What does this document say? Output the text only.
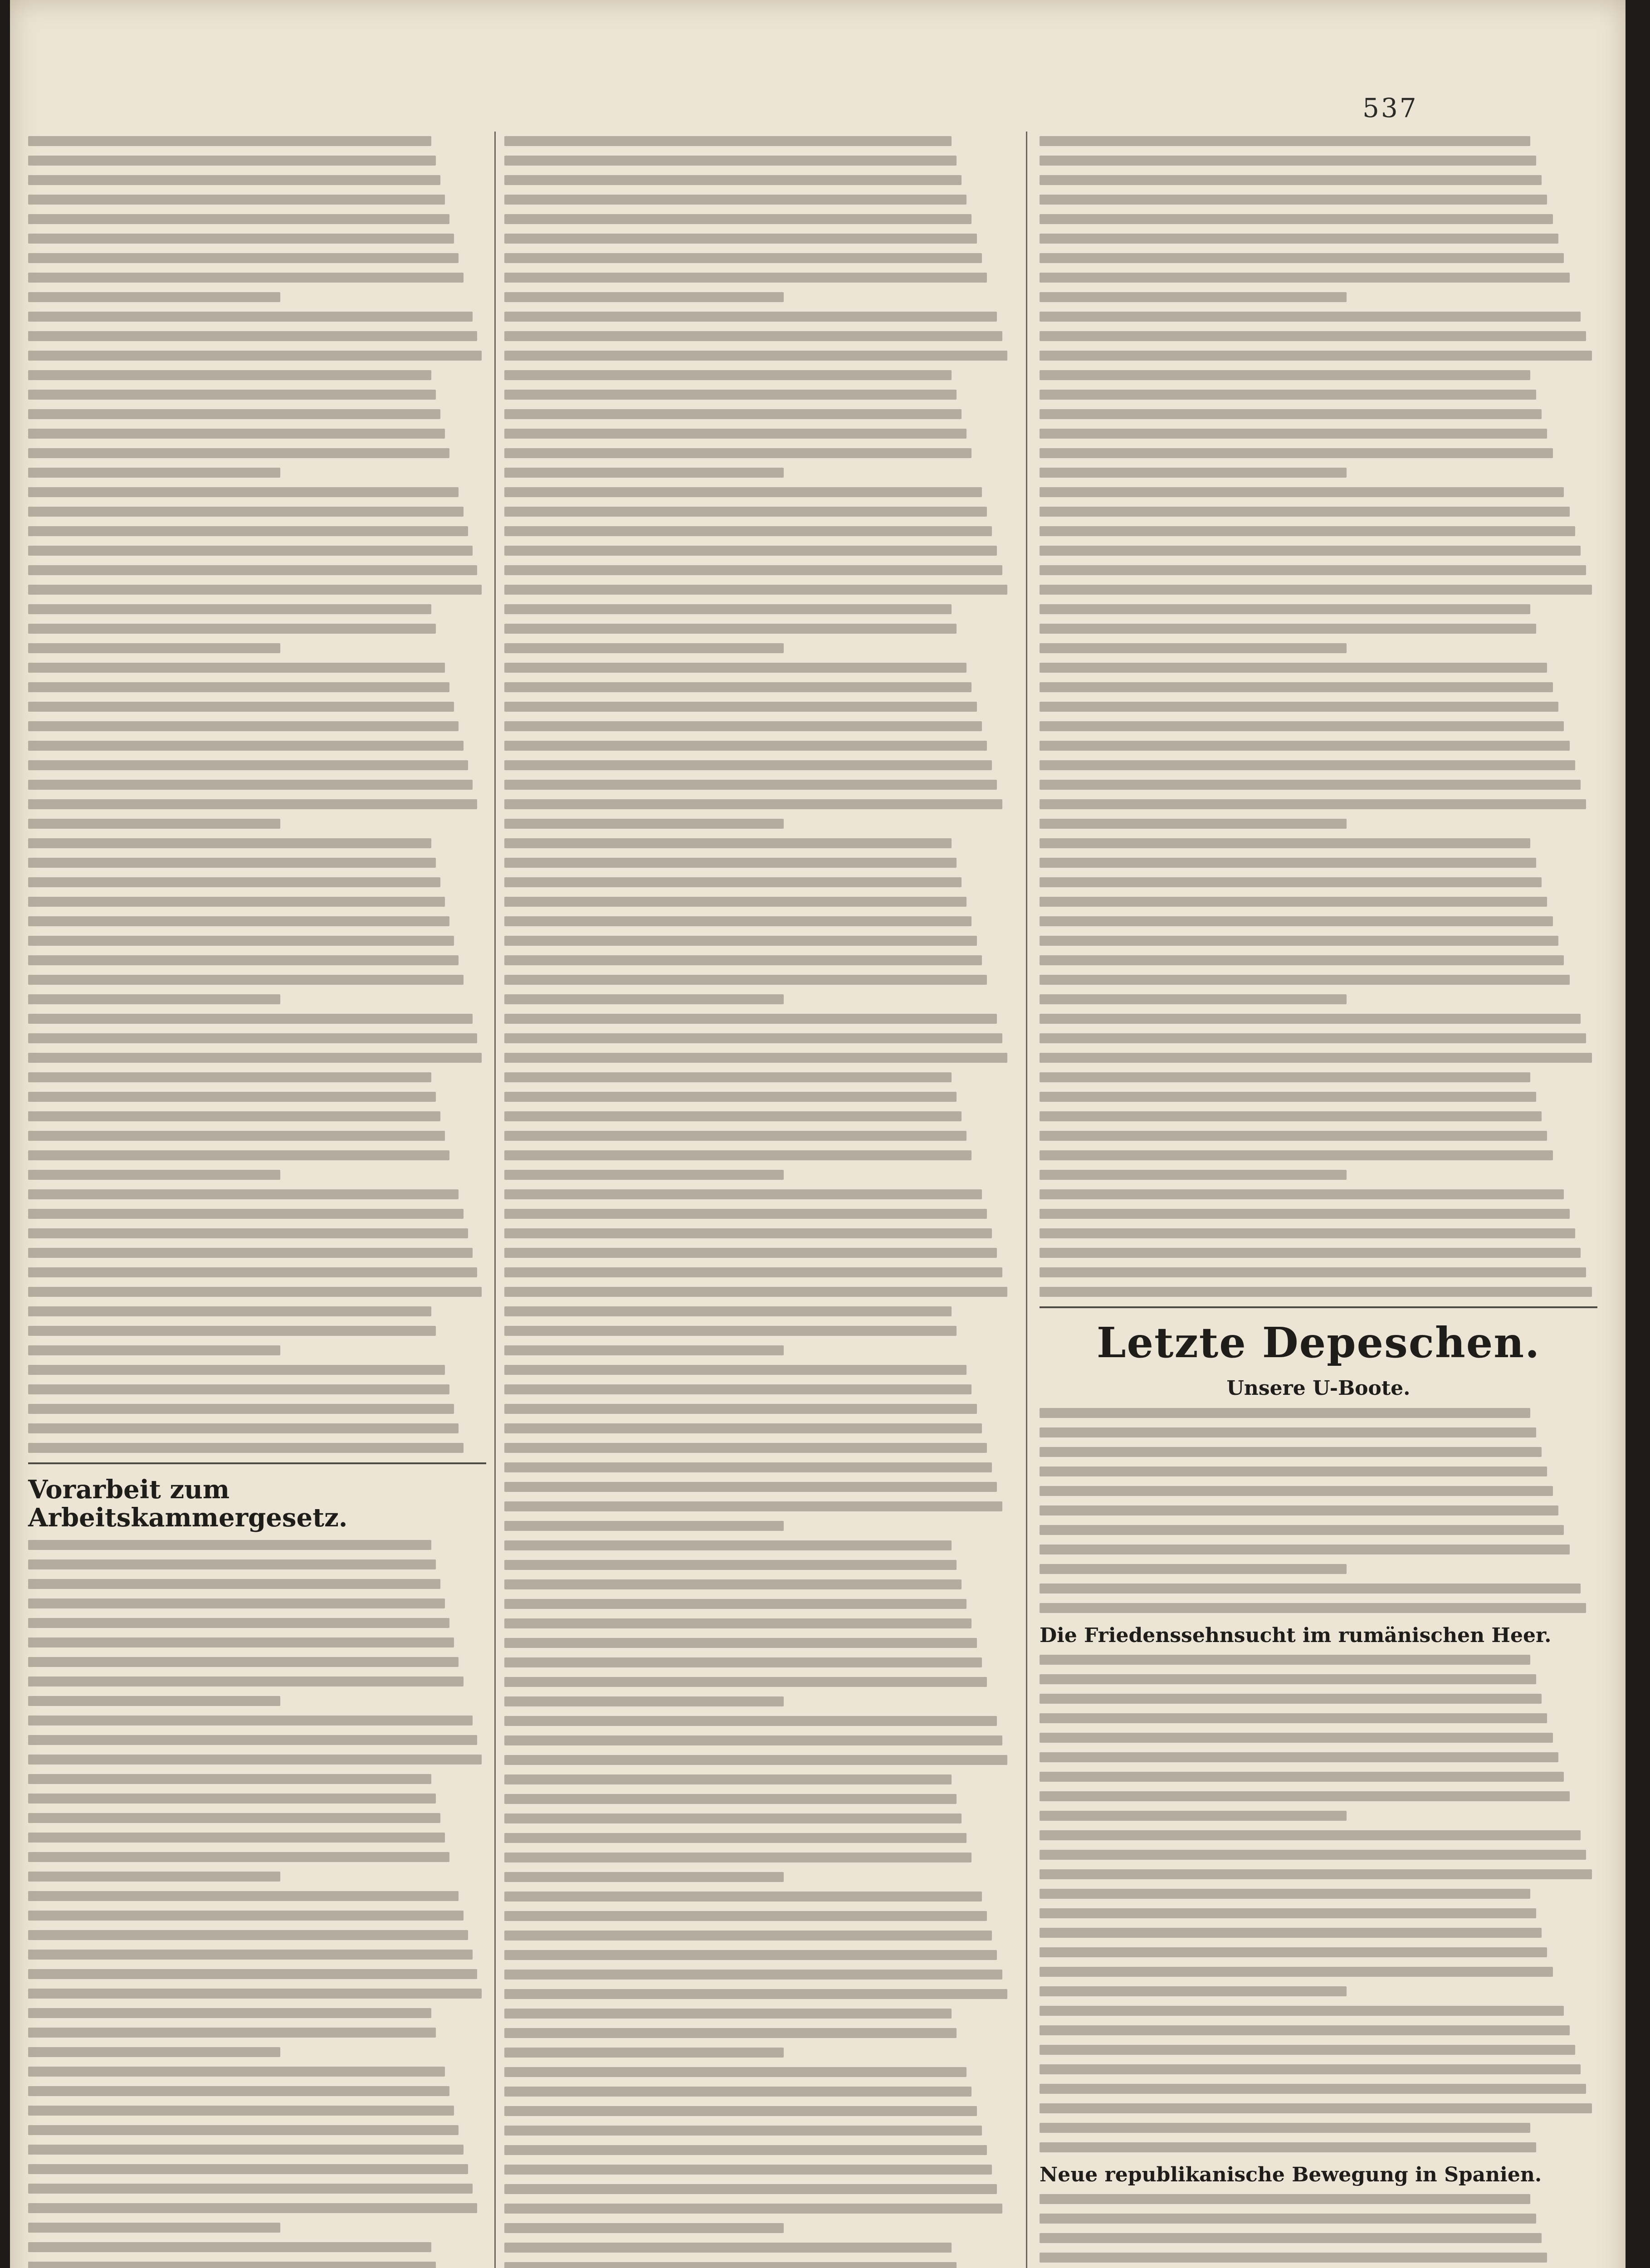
537
Vorarbeit zum Arbeitskammergesetz.
Letzte Depeschen.
Unsere U-Boote.
Die Friedenssehnsucht im rumänischen Heer.
Neue republikanische Bewegung in Spanien.
